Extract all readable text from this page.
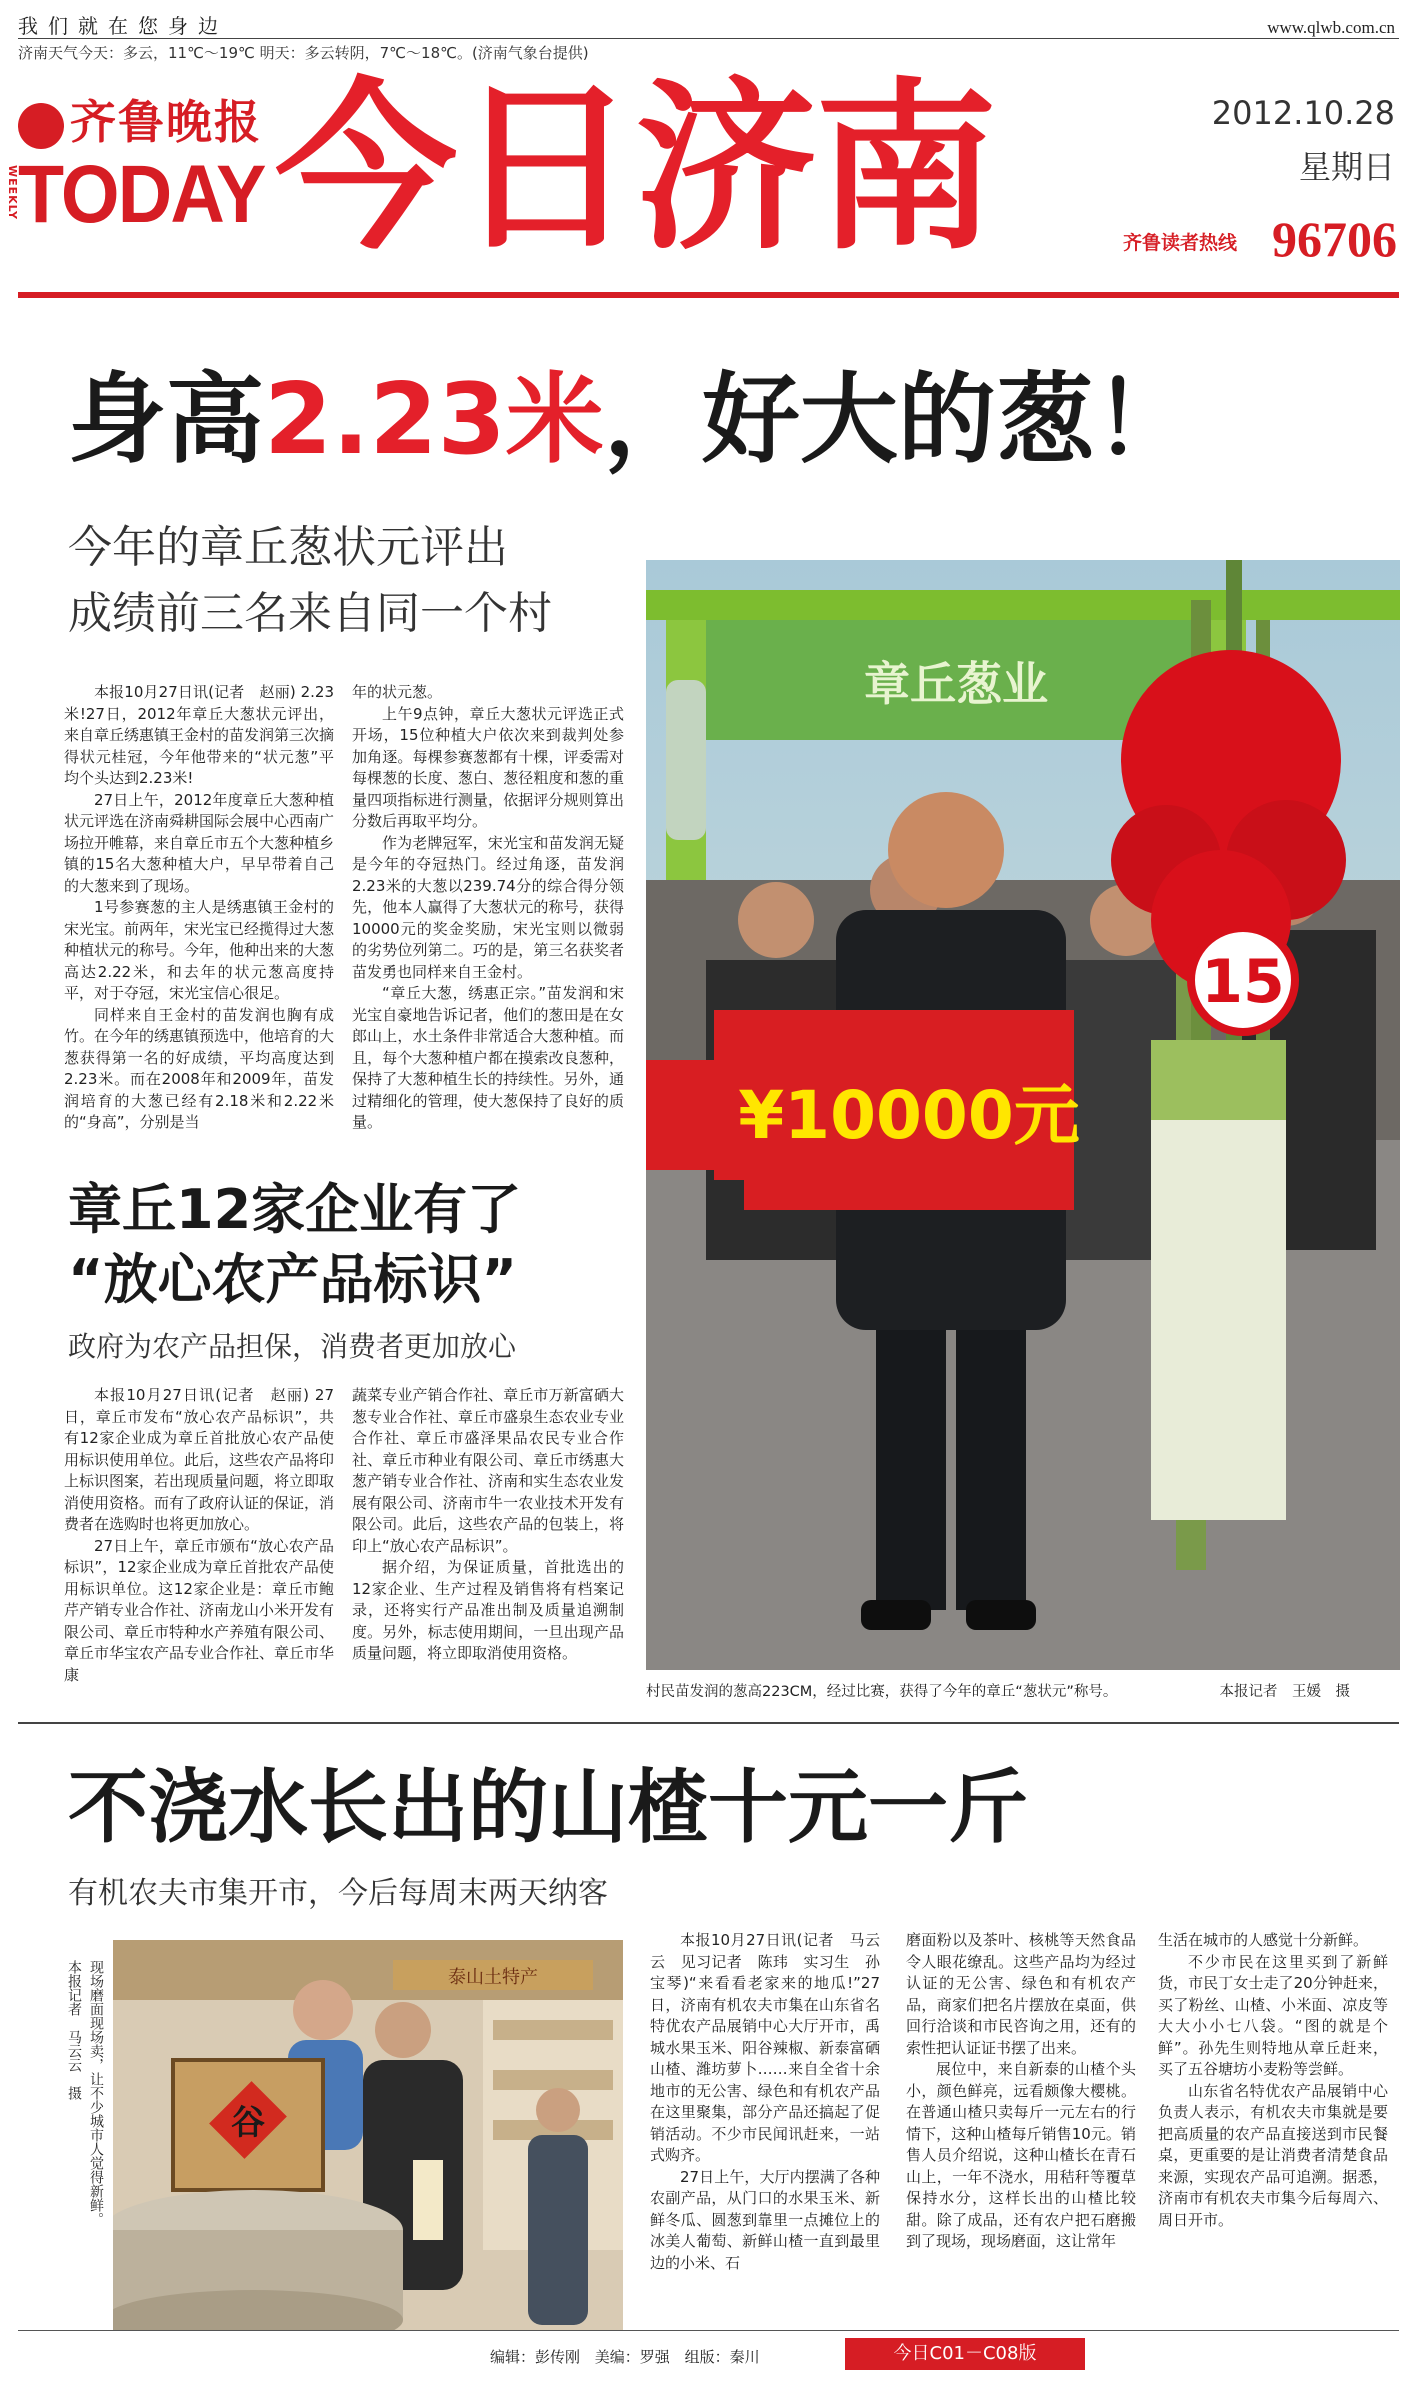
我们就在您身边	www.qlwb.com.cn
济南天气今天：多云，11℃～19℃ 明天：多云转阴，7℃～18℃。(济南气象台提供)
齐鲁晚报
WEEKLY TODAY 今日济南	2012.10.28
星期日
齐鲁读者热线 96706
身高2.23米，好大的葱！
今年的章丘葱状元评出
成绩前三名来自同一个村

本报10月27日讯(记者　赵丽) 2.23米!27日，2012年章丘大葱状元评出，来自章丘绣惠镇王金村的苗发润第三次摘得状元桂冠，今年他带来的“状元葱”平均个头达到2.23米!

27日上午，2012年度章丘大葱种植状元评选在济南舜耕国际会展中心西南广场拉开帷幕，来自章丘市五个大葱种植乡镇的15名大葱种植大户，早早带着自己的大葱来到了现场。

1号参赛葱的主人是绣惠镇王金村的宋光宝。前两年，宋光宝已经揽得过大葱种植状元的称号。今年，他种出来的大葱高达2.22米，和去年的状元葱高度持平，对于夺冠，宋光宝信心很足。

同样来自王金村的苗发润也胸有成竹。在今年的绣惠镇预选中，他培育的大葱获得第一名的好成绩，平均高度达到2.23米。而在2008年和2009年，苗发润培育的大葱已经有2.18米和2.22米的“身高”，分别是当

年的状元葱。

上午9点钟，章丘大葱状元评选正式开场，15位种植大户依次来到裁判处参加角逐。每棵参赛葱都有十棵，评委需对每棵葱的长度、葱白、葱径粗度和葱的重量四项指标进行测量，依据评分规则算出分数后再取平均分。

作为老牌冠军，宋光宝和苗发润无疑是今年的夺冠热门。经过角逐，苗发润2.23米的大葱以239.74分的综合得分领先，他本人赢得了大葱状元的称号，获得10000元的奖金奖励，宋光宝则以微弱的劣势位列第二。巧的是，第三名获奖者苗发勇也同样来自王金村。

“章丘大葱，绣惠正宗。”苗发润和宋光宝自豪地告诉记者，他们的葱田是在女郎山上，水土条件非常适合大葱种植。而且，每个大葱种植户都在摸索改良葱种，保持了大葱种植生长的持续性。另外，通过精细化的管理，使大葱保持了良好的质量。

章丘葱业
¥10000元
15
村民苗发润的葱高223CM，经过比赛，获得了今年的章丘“葱状元”称号。	本报记者　王媛　摄
章丘12家企业有了
“放心农产品标识”
政府为农产品担保，消费者更加放心

本报10月27日讯(记者　赵丽) 27日，章丘市发布“放心农产品标识”，共有12家企业成为章丘首批放心农产品使用标识使用单位。此后，这些农产品将印上标识图案，若出现质量问题，将立即取消使用资格。而有了政府认证的保证，消费者在选购时也将更加放心。

27日上午，章丘市颁布“放心农产品标识”，12家企业成为章丘首批农产品使用标识单位。这12家企业是：章丘市鲍芹产销专业合作社、济南龙山小米开发有限公司、章丘市特种水产养殖有限公司、章丘市华宝农产品专业合作社、章丘市华康

蔬菜专业产销合作社、章丘市万新富硒大葱专业合作社、章丘市盛泉生态农业专业合作社、章丘市盛泽果品农民专业合作社、章丘市种业有限公司、章丘市绣惠大葱产销专业合作社、济南和实生态农业发展有限公司、济南市牛一农业技术开发有限公司。此后，这些农产品的包装上，将印上“放心农产品标识”。

据介绍，为保证质量，首批选出的12家企业、生产过程及销售将有档案记录，还将实行产品准出制及质量追溯制度。另外，标志使用期间，一旦出现产品质量问题，将立即取消使用资格。

不浇水长出的山楂十元一斤
有机农夫市集开市，今后每周末两天纳客
现场磨面现场卖，让不少城市人觉得新鲜。
本报记者　马云云　摄	泰山土特产
谷

本报10月27日讯(记者　马云云　见习记者　陈玮　实习生　孙宝琴)“来看看老家来的地瓜!”27日，济南有机农夫市集在山东省名特优农产品展销中心大厅开市，禹城水果玉米、阳谷辣椒、新泰富硒山楂、潍坊萝卜……来自全省十余地市的无公害、绿色和有机农产品在这里聚集，部分产品还搞起了促销活动。不少市民闻讯赶来，一站式购齐。

27日上午，大厅内摆满了各种农副产品，从门口的水果玉米、新鲜冬瓜、圆葱到靠里一点摊位上的冰美人葡萄、新鲜山楂一直到最里边的小米、石

磨面粉以及茶叶、核桃等天然食品令人眼花缭乱。这些产品均为经过认证的无公害、绿色和有机农产品，商家们把名片摆放在桌面，供回行洽谈和市民咨询之用，还有的索性把认证证书摆了出来。

展位中，来自新泰的山楂个头小，颜色鲜亮，远看颇像大樱桃。在普通山楂只卖每斤一元左右的行情下，这种山楂每斤销售10元。销售人员介绍说，这种山楂长在青石山上，一年不浇水，用秸秆等覆草保持水分，这样长出的山楂比较甜。除了成品，还有农户把石磨搬到了现场，现场磨面，这让常年

生活在城市的人感觉十分新鲜。

不少市民在这里买到了新鲜货，市民丁女士走了20分钟赶来，买了粉丝、山楂、小米面、凉皮等大大小小七八袋。“图的就是个鲜”。孙先生则特地从章丘赶来，买了五谷塘坊小麦粉等尝鲜。

山东省名特优农产品展销中心负责人表示，有机农夫市集就是要把高质量的农产品直接送到市民餐桌，更重要的是让消费者清楚食品来源，实现农产品可追溯。据悉，济南市有机农夫市集今后每周六、周日开市。

编辑：彭传刚 美编：罗强 组版：秦川	今日C01－C08版
